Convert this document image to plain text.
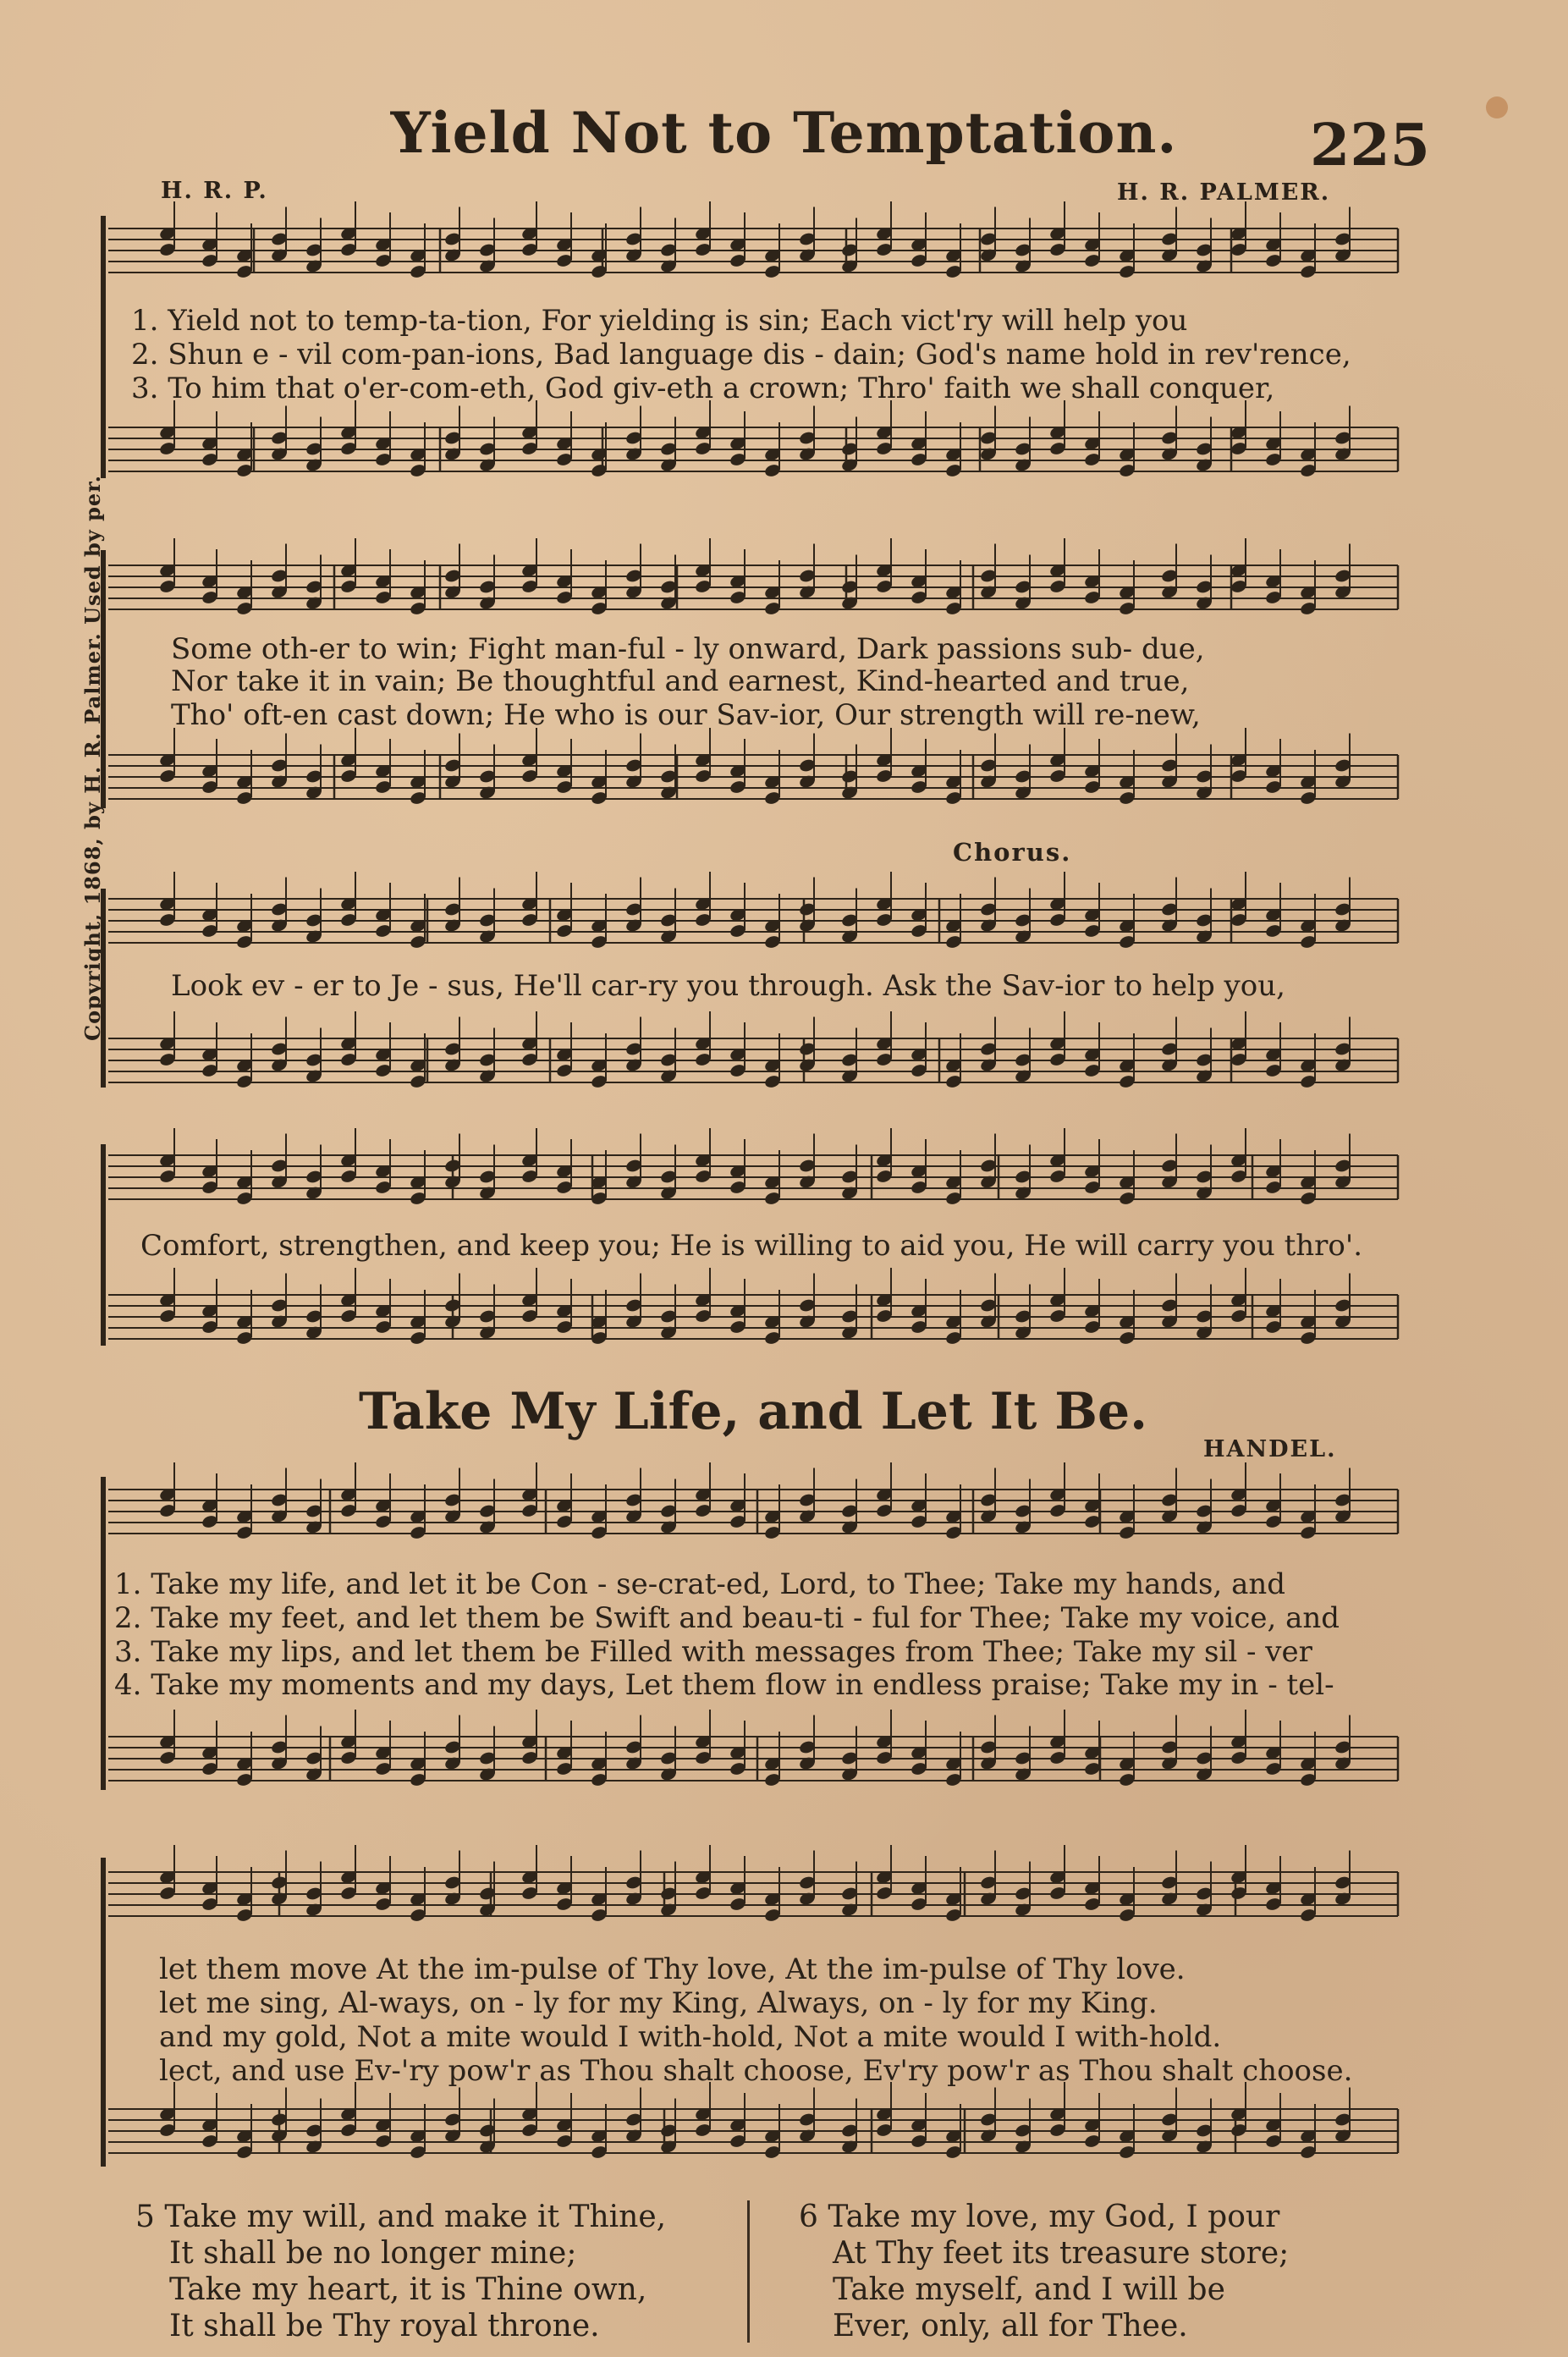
Yield Not to Temptation.	225
H. R. P.	H. R. PALMER.
Copyright, 1868, by H. R. Palmer. Used by per.	Chorus.
Take My Life, and Let It Be.
HANDEL.
1. Yield not to temp-ta-tion, For yielding is sin; Each vict'ry will help you
2. Shun e - vil com-pan-ions, Bad language dis - dain; God's name hold in rev'rence,
3. To him that o'er-com-eth, God giv-eth a crown; Thro' faith we shall conquer,
Some oth-er to win; Fight man-ful - ly onward, Dark passions sub- due,
Nor take it in vain; Be thoughtful and earnest, Kind-hearted and true,
Tho' oft-en cast down; He who is our Sav-ior, Our strength will re-new,
Look ev - er to Je - sus, He'll car-ry you through. Ask the Sav-ior to help you,
Comfort, strengthen, and keep you; He is willing to aid you, He will carry you thro'.
1. Take my life, and let it be Con - se-crat-ed, Lord, to Thee; Take my hands, and
2. Take my feet, and let them be Swift and beau-ti - ful for Thee; Take my voice, and
3. Take my lips, and let them be Filled with messages from Thee; Take my sil - ver
4. Take my moments and my days, Let them flow in endless praise; Take my in - tel-
let them move At the im-pulse of Thy love, At the im-pulse of Thy love.
let me sing, Al-ways, on - ly for my King, Always, on - ly for my King.
and my gold, Not a mite would I with-hold, Not a mite would I with-hold.
lect, and use Ev-'ry pow'r as Thou shalt choose, Ev'ry pow'r as Thou shalt choose.
5 Take my will, and make it Thine,
It shall be no longer mine;
Take my heart, it is Thine own,
It shall be Thy royal throne.
6 Take my love, my God, I pour
At Thy feet its treasure store;
Take myself, and I will be
Ever, only, all for Thee.
